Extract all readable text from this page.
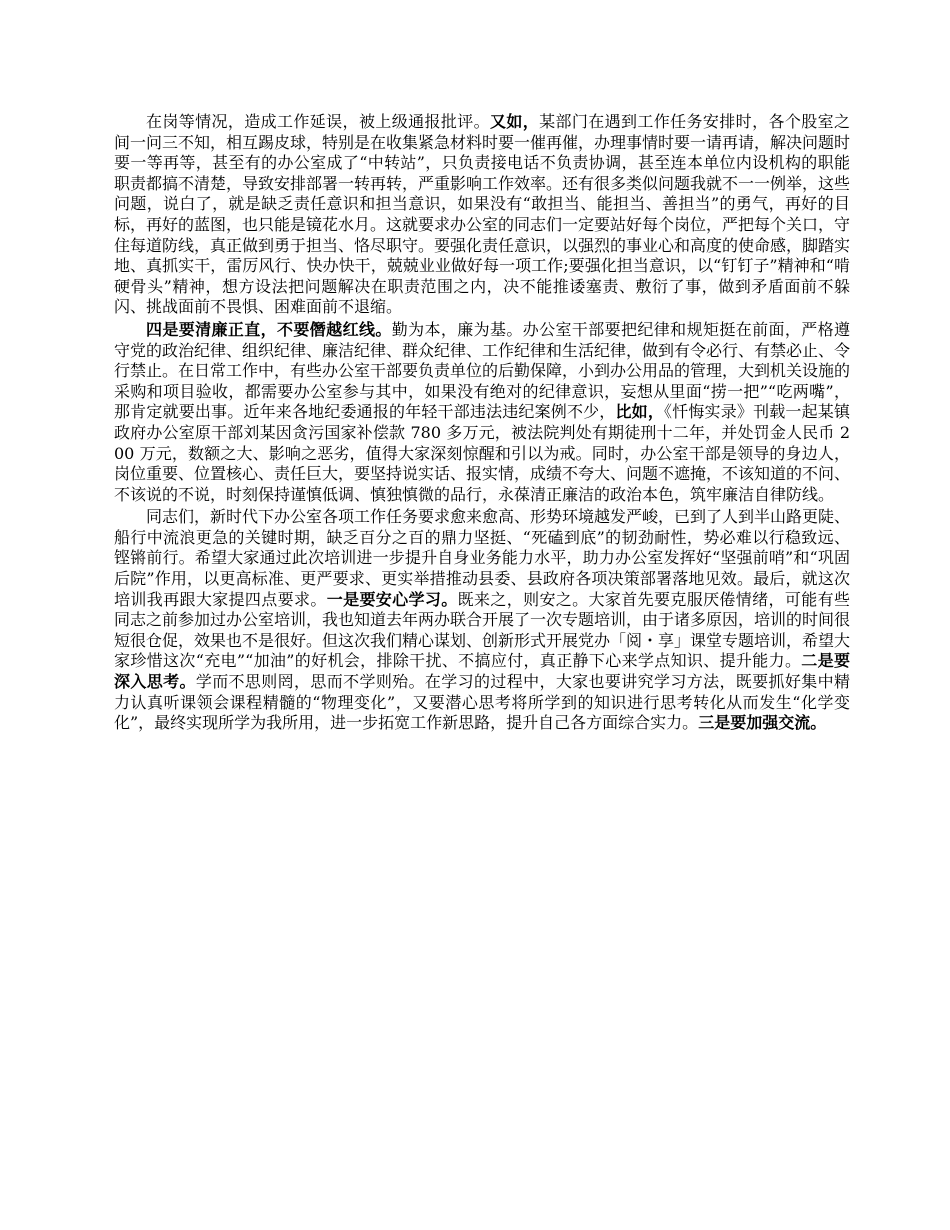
在岗等情况，造成工作延误，被上级通报批评。又如，某部门在遇到工作任务安排时，各个股室之间一问三不知，相互踢皮球，特别是在收集紧急材料时要一催再催，办理事情时要一请再请，解决问题时要一等再等，甚至有的办公室成了“中转站”，只负责接电话不负责协调，甚至连本单位内设机构的职能职责都搞不清楚，导致安排部署一转再转，严重影响工作效率。还有很多类似问题我就不一一例举，这些问题，说白了，就是缺乏责任意识和担当意识，如果没有“敢担当、能担当、善担当”的勇气，再好的目标，再好的蓝图，也只能是镜花水月。这就要求办公室的同志们一定要站好每个岗位，严把每个关口，守住每道防线，真正做到勇于担当、恪尽职守。要强化责任意识，以强烈的事业心和高度的使命感，脚踏实地、真抓实干，雷厉风行、快办快干，兢兢业业做好每一项工作;要强化担当意识，以“钉钉子”精神和“啃硬骨头”精神，想方设法把问题解决在职责范围之内，决不能推诿塞责、敷衍了事，做到矛盾面前不躲闪、挑战面前不畏惧、困难面前不退缩。

四是要清廉正直，不要僭越红线。勤为本，廉为基。办公室干部要把纪律和规矩挺在前面，严格遵守党的政治纪律、组织纪律、廉洁纪律、群众纪律、工作纪律和生活纪律，做到有令必行、有禁必止、令行禁止。在日常工作中，有些办公室干部要负责单位的后勤保障，小到办公用品的管理，大到机关设施的采购和项目验收，都需要办公室参与其中，如果没有绝对的纪律意识，妄想从里面“捞一把”“吃两嘴”，那肯定就要出事。近年来各地纪委通报的年轻干部违法违纪案例不少，比如，《忏悔实录》刊载一起某镇政府办公室原干部刘某因贪污国家补偿款 780 多万元，被法院判处有期徒刑十二年，并处罚金人民币 200 万元，数额之大、影响之恶劣，值得大家深刻惊醒和引以为戒。同时，办公室干部是领导的身边人，岗位重要、位置核心、责任巨大，要坚持说实话、报实情，成绩不夸大、问题不遮掩，不该知道的不问、不该说的不说，时刻保持谨慎低调、慎独慎微的品行，永葆清正廉洁的政治本色，筑牢廉洁自律防线。

同志们，新时代下办公室各项工作任务要求愈来愈高、形势环境越发严峻，已到了人到半山路更陡、船行中流浪更急的关键时期，缺乏百分之百的鼎力坚挺、“死磕到底”的韧劲耐性，势必难以行稳致远、铿锵前行。希望大家通过此次培训进一步提升自身业务能力水平，助力办公室发挥好“坚强前哨”和“巩固后院”作用，以更高标准、更严要求、更实举措推动县委、县政府各项决策部署落地见效。最后，就这次培训我再跟大家提四点要求。一是要安心学习。既来之，则安之。大家首先要克服厌倦情绪，可能有些同志之前参加过办公室培训，我也知道去年两办联合开展了一次专题培训，由于诸多原因，培训的时间很短很仓促，效果也不是很好。但这次我们精心谋划、创新形式开展党办「阅・享」课堂专题培训，希望大家珍惜这次“充电”“加油”的好机会，排除干扰、不搞应付，真正静下心来学点知识、提升能力。二是要深入思考。学而不思则罔，思而不学则殆。在学习的过程中，大家也要讲究学习方法，既要抓好集中精力认真听课领会课程精髓的“物理变化”，又要潜心思考将所学到的知识进行思考转化从而发生“化学变化”，最终实现所学为我所用，进一步拓宽工作新思路，提升自己各方面综合实力。三是要加强交流。
